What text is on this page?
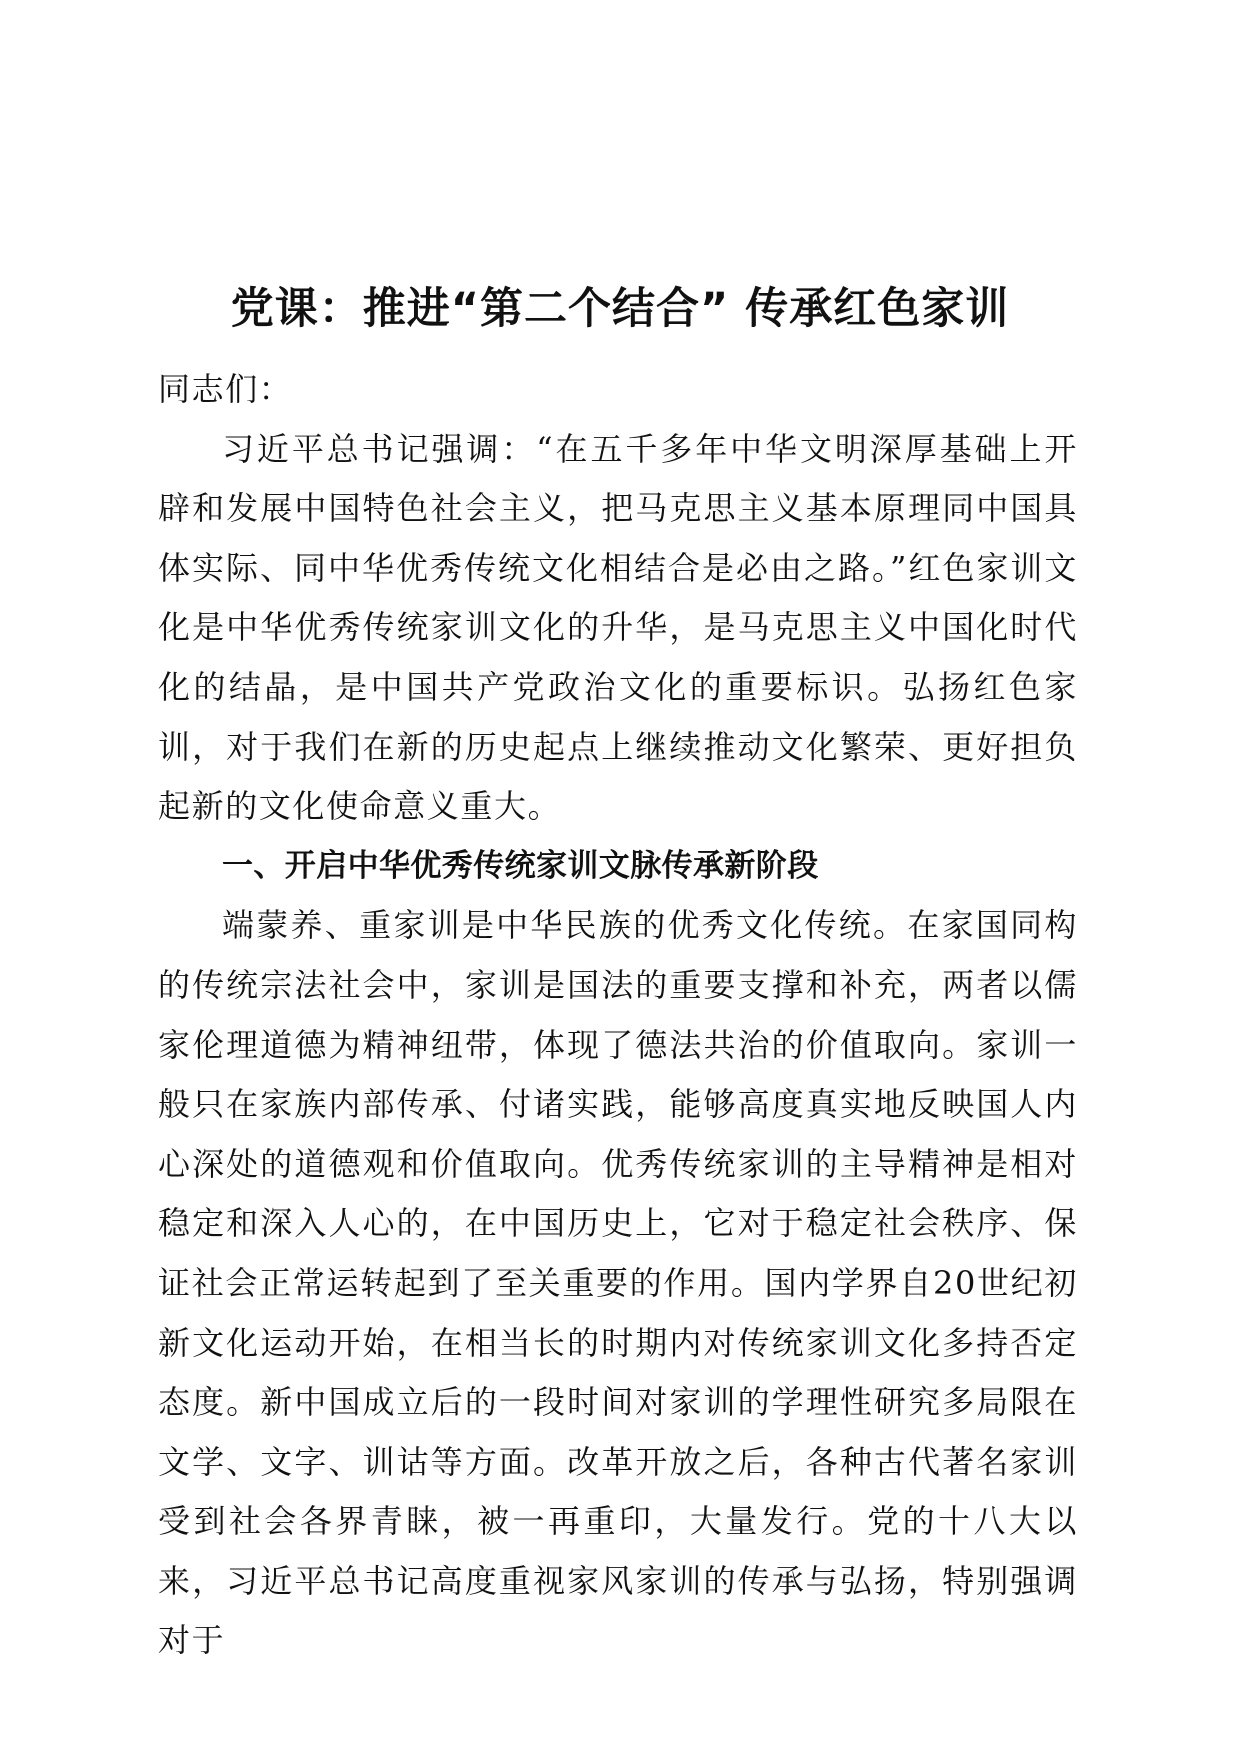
党课：推进“第二个结合” 传承红色家训

同志们：

习近平总书记强调：“在五千多年中华文明深厚基础上开辟和发展中国特色社会主义，把马克思主义基本原理同中国具体实际、同中华优秀传统文化相结合是必由之路。”红色家训文化是中华优秀传统家训文化的升华，是马克思主义中国化时代化的结晶，是中国共产党政治文化的重要标识。弘扬红色家训，对于我们在新的历史起点上继续推动文化繁荣、更好担负起新的文化使命意义重大。

一、开启中华优秀传统家训文脉传承新阶段

端蒙养、重家训是中华民族的优秀文化传统。在家国同构的传统宗法社会中，家训是国法的重要支撑和补充，两者以儒家伦理道德为精神纽带，体现了德法共治的价值取向。家训一般只在家族内部传承、付诸实践，能够高度真实地反映国人内心深处的道德观和价值取向。优秀传统家训的主导精神是相对稳定和深入人心的，在中国历史上，它对于稳定社会秩序、保证社会正常运转起到了至关重要的作用。国内学界自20世纪初新文化运动开始，在相当长的时期内对传统家训文化多持否定态度。新中国成立后的一段时间对家训的学理性研究多局限在文学、文字、训诂等方面。改革开放之后，各种古代著名家训受到社会各界青睐，被一再重印，大量发行。党的十八大以来，习近平总书记高度重视家风家训的传承与弘扬，特别强调对于
